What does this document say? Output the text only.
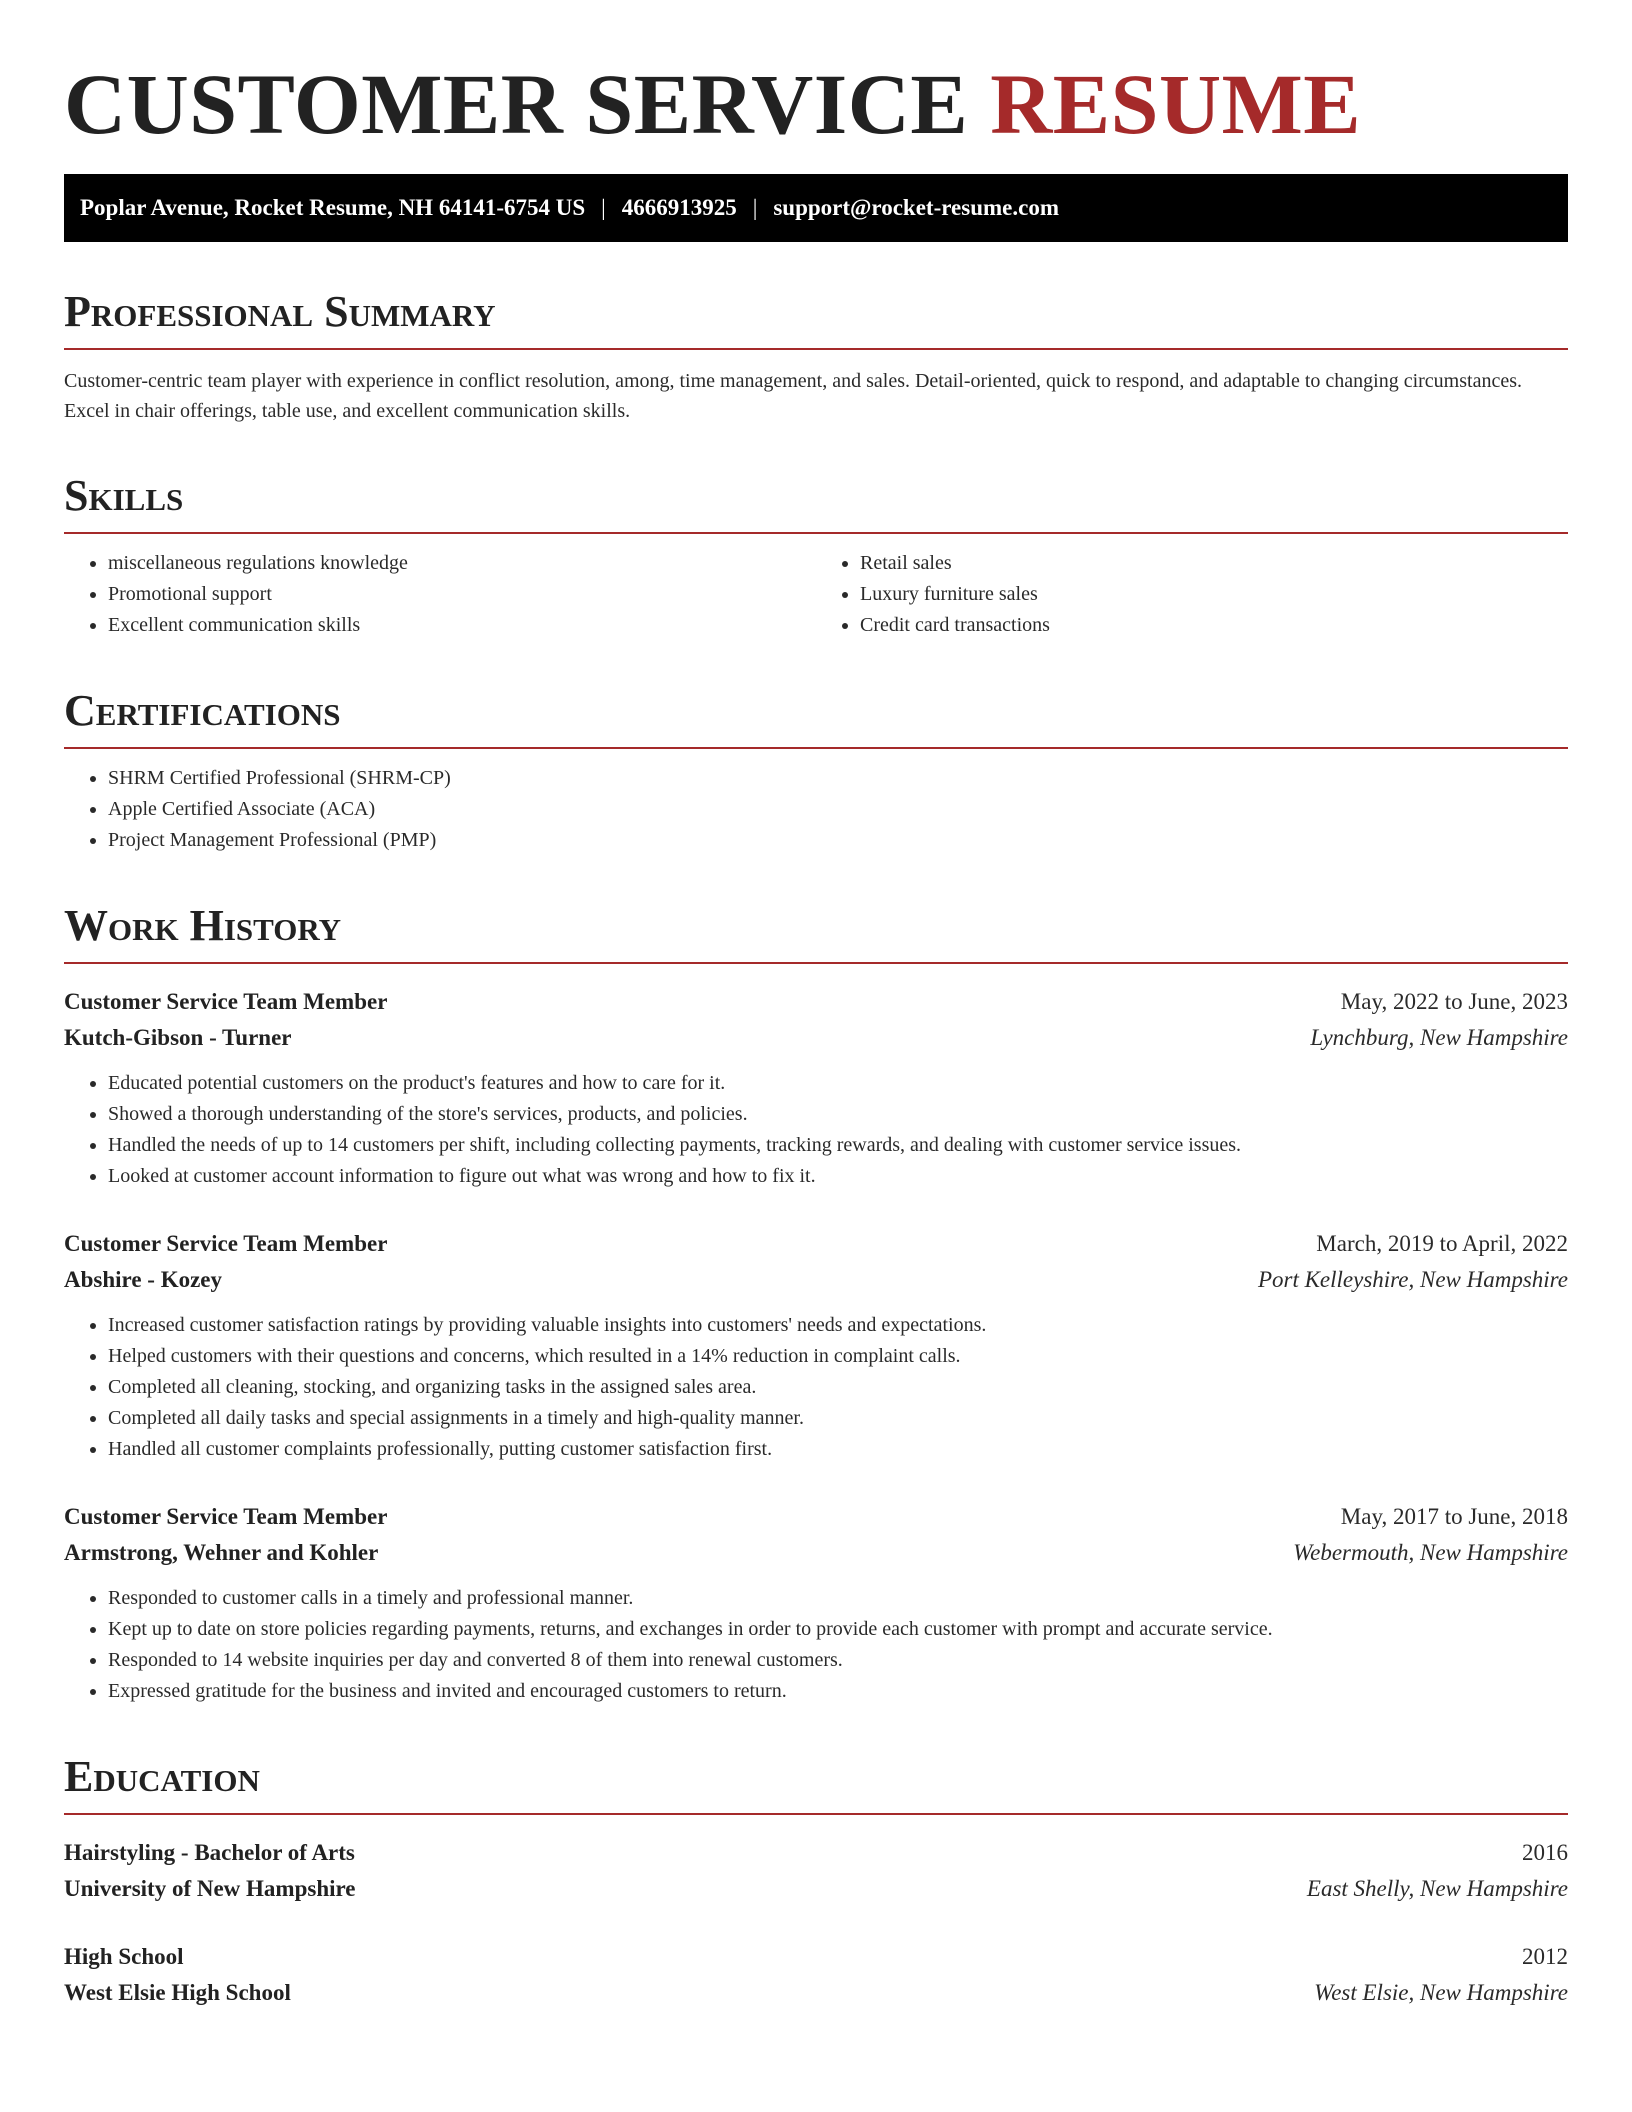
CUSTOMER SERVICE RESUME
Poplar Avenue, Rocket Resume, NH 64141-6754 US | 4666913925 | support@rocket-resume.com
Professional Summary

Customer-centric team player with experience in conflict resolution, among, time management, and sales. Detail-oriented, quick to respond, and adaptable to changing circumstances. Excel in chair offerings, table use, and excellent communication skills.

Skills
• miscellaneous regulations knowledge
• Promotional support
• Excellent communication skills
• Retail sales
• Luxury furniture sales
• Credit card transactions
Certifications
• SHRM Certified Professional (SHRM-CP)
• Apple Certified Associate (ACA)
• Project Management Professional (PMP)
Work History
Customer Service Team Member	May, 2022 to June, 2023
Kutch-Gibson - Turner	Lynchburg, New Hampshire
• Educated potential customers on the product's features and how to care for it.
• Showed a thorough understanding of the store's services, products, and policies.
• Handled the needs of up to 14 customers per shift, including collecting payments, tracking rewards, and dealing with customer service issues.
• Looked at customer account information to figure out what was wrong and how to fix it.
Customer Service Team Member	March, 2019 to April, 2022
Abshire - Kozey	Port Kelleyshire, New Hampshire
• Increased customer satisfaction ratings by providing valuable insights into customers' needs and expectations.
• Helped customers with their questions and concerns, which resulted in a 14% reduction in complaint calls.
• Completed all cleaning, stocking, and organizing tasks in the assigned sales area.
• Completed all daily tasks and special assignments in a timely and high-quality manner.
• Handled all customer complaints professionally, putting customer satisfaction first.
Customer Service Team Member	May, 2017 to June, 2018
Armstrong, Wehner and Kohler	Webermouth, New Hampshire
• Responded to customer calls in a timely and professional manner.
• Kept up to date on store policies regarding payments, returns, and exchanges in order to provide each customer with prompt and accurate service.
• Responded to 14 website inquiries per day and converted 8 of them into renewal customers.
• Expressed gratitude for the business and invited and encouraged customers to return.
Education
Hairstyling - Bachelor of Arts	2016
University of New Hampshire	East Shelly, New Hampshire
High School	2012
West Elsie High School	West Elsie, New Hampshire
